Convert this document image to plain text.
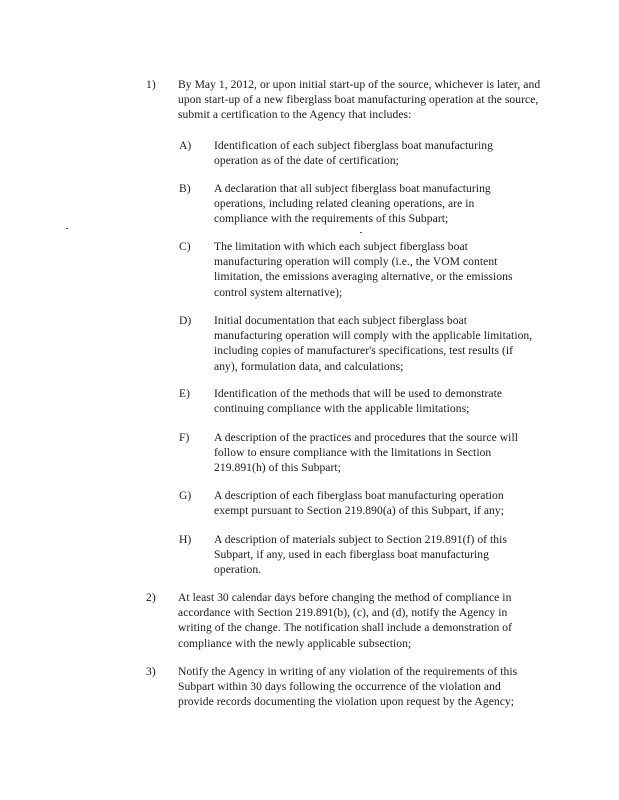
1) By May 1, 2012, or upon initial start-up of the source, whichever is later, and upon start-up of a new fiberglass boat manufacturing operation at the source, submit a certification to the Agency that includes:
A) Identification of each subject fiberglass boat manufacturing operation as of the date of certification;
B) A declaration that all subject fiberglass boat manufacturing operations, including related cleaning operations, are in compliance with the requirements of this Subpart;
C) The limitation with which each subject fiberglass boat manufacturing operation will comply (i.e., the VOM content limitation, the emissions averaging alternative, or the emissions control system alternative);
D) Initial documentation that each subject fiberglass boat manufacturing operation will comply with the applicable limitation, including copies of manufacturer's specifications, test results (if any), formulation data, and calculations;
E) Identification of the methods that will be used to demonstrate continuing compliance with the applicable limitations;
F) A description of the practices and procedures that the source will follow to ensure compliance with the limitations in Section 219.891(h) of this Subpart;
G) A description of each fiberglass boat manufacturing operation exempt pursuant to Section 219.890(a) of this Subpart, if any;
H) A description of materials subject to Section 219.891(f) of this Subpart, if any, used in each fiberglass boat manufacturing operation.
2) At least 30 calendar days before changing the method of compliance in accordance with Section 219.891(b), (c), and (d), notify the Agency in writing of the change. The notification shall include a demonstration of compliance with the newly applicable subsection;
3) Notify the Agency in writing of any violation of the requirements of this Subpart within 30 days following the occurrence of the violation and provide records documenting the violation upon request by the Agency;
